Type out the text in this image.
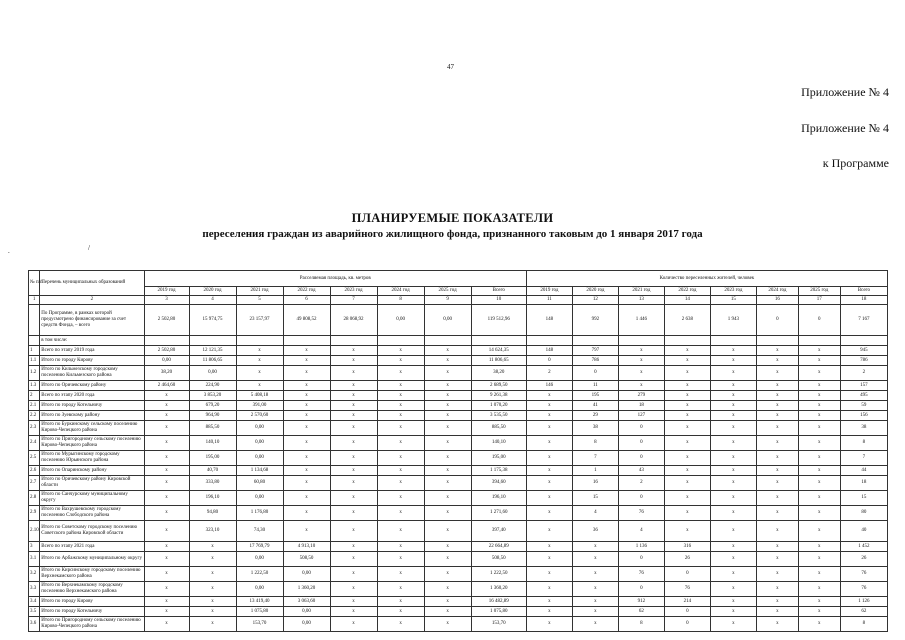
47
Приложение № 4
Приложение № 4
к Программе
ПЛАНИРУЕМЫЕ ПОКАЗАТЕЛИ
переселения граждан из аварийного жилищного фонда, признанного таковым до 1 января 2017 года
/
.
№ п/п	Перечень муниципальных образований	Расселяемая площадь, кв. метров								Количество переселенных жителей, человек							
		2019 год	2020 год	2021 год	2022 год	2023 год	2024 год	2025 год	Всего	2019 год	2020 год	2021 год	2022 год	2023 год	2024 год	2025 год	Всего
1	2	3	4	5	6	7	8	9	10	11	12	13	14	15	16	17	18
	По Программе, в рамках которой предусмотрено финансирование за счет средств Фонда, – всего	2 502,80	15 974,75	23 157,97	49 808,52	28 068,92	0,00	0,00	119 512,96	148	992	1 446	2 638	1 943	0	0	7 167
	в том числе:																
1	Всего по этапу 2019 года	2 502,80	12 121,35	x	x	x	x	x	14 624,35	148	797	x	x	x	x	x	945
1.1	Итого по городу Кирову	0,00	11 806,65	x	x	x	x	x	11 806,65	0	786	x	x	x	x	x	786
1.2	Итого по Кильмезскому городскому поселению Кильмезского района	38,20	0,00	x	x	x	x	x	38,20	2	0	x	x	x	x	x	2
1.3	Итого по Оричевскому району	2 464,60	224,90	x	x	x	x	x	2 689,50	146	11	x	x	x	x	x	157
2	Всего по этапу 2020 года	x	3 853,20	5 408,18	x	x	x	x	9 261,38	x	195	279	x	x	x	x	495
2.1	Итого по городу Котельничу	x	679,20	391,00	x	x	x	x	1 070,20	x	41	18	x	x	x	x	59
2.2	Итого по Зуевскому району	x	964,90	2 570,60	x	x	x	x	3 535,50	x	29	127	x	x	x	x	156
2.3	Итого по Буркинскому сельскому поселению Кирово-Чепецкого района	x	885,50	0,00	x	x	x	x	885,50	x	38	0	x	x	x	x	38
2.4	Итого по Пригородному сельскому поселению Кирово-Чепецкого района	x	140,10	0,00	x	x	x	x	140,10	x	8	0	x	x	x	x	8
2.5	Итого по Мурыгинскому городскому поселению Юрьянского района	x	195,00	0,00	x	x	x	x	195,00	x	7	0	x	x	x	x	7
2.6	Итого по Опаринскому району	x	40,70	1 134,68	x	x	x	x	1 175,38	x	1	43	x	x	x	x	44
2.7	Итого по Оричевскому району Кировской области	x	333,80	60,80	x	x	x	x	394,60	x	16	2	x	x	x	x	18
2.8	Итого по Санчурскому муниципальному округу	x	196,10	0,00	x	x	x	x	196,10	x	15	0	x	x	x	x	15
2.9	Итого по Вахрушевскому городскому поселению Слободского района	x	94,80	1 176,80	x	x	x	x	1 271,60	x	4	76	x	x	x	x	80
2.10	Итого по Советскому городскому поселению Советского района Кировской области	x	323,10	74,30	x	x	x	x	397,40	x	36	4	x	x	x	x	40
3	Всего по этапу 2021 года	x	x	17 769,79	4 913,10	x	x	x	22 664,89	x	x	1 136	316	x	x	x	1 452
3.1	Итого по Арбажскому муниципальному округу	x	x	0,00	508,50	x	x	x	508,50	x	x	0	26	x	x	x	26
3.2	Итого по Кирсинскому городскому поселению Верхнекамского района	x	x	1 222,50	0,00	x	x	x	1 222,50	x	x	76	0	x	x	x	76
3.3	Итого по Верхнекамскому городскому поселению Верхнекамского района	x	x	0,00	1 360,20	x	x	x	1 360,20	x	x	0	76	x	x	x	76
3.4	Итого по городу Кирову	x	x	13 419,40	3 063,60	x	x	x	16 482,89	x	x	912	214	x	x	x	1 126
3.5	Итого по городу Котельничу	x	x	1 075,80	0,00	x	x	x	1 075,80	x	x	62	0	x	x	x	62
3.6	Итого по Пригородному сельскому поселению Кирово-Чепецкого района	x	x	153,70	0,00	x	x	x	153,70	x	x	8	0	x	x	x	8
